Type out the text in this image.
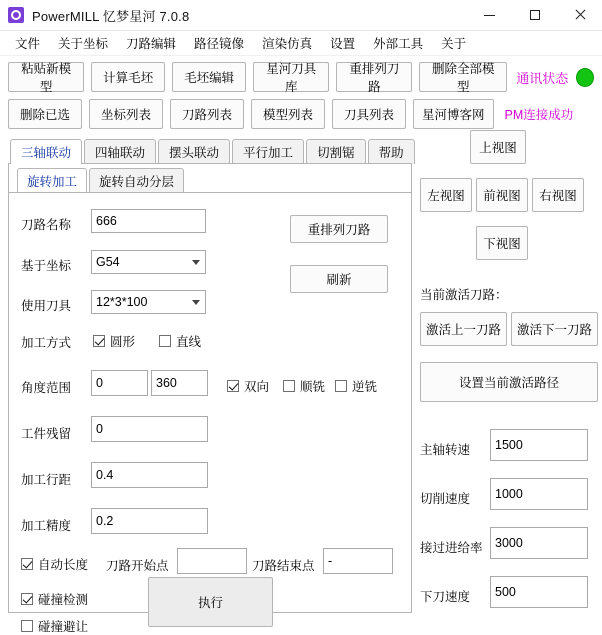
PowerMILL 忆梦星河 7.0.8
文件	关于坐标	刀路编辑	路径镜像	渲染仿真	设置	外部工具	关于
粘贴新模型
计算毛坯	毛坯编辑
星河刀具库
重排列刀路
删除全部模型
通讯状态
删除已选	坐标列表	刀路列表	模型列表	刀具列表	星河博客网	PM连接成功
三轴联动	四轴联动	摆头联动	平行加工	切割锯	帮助
旋转加工	旋转自动分层
刀路名称
666
基于坐标 G54
使用刀具 12*3*100
加工方式	圆形	直线
角度范围
0
360	双向 顺铣 逆铣
工件残留
0
加工行距
0.4
加工精度
0.2
自动长度 刀路开始点	刀路结束点
-
碰撞检测
碰撞避让
执行
重排列刀路
刷新
上视图
左视图	前视图	右视图
下视图
当前激活刀路：
激活上一刀路	激活下一刀路
设置当前激活路径
主轴转速
1500
切削速度
1000
接过进给率
3000
下刀速度
500
